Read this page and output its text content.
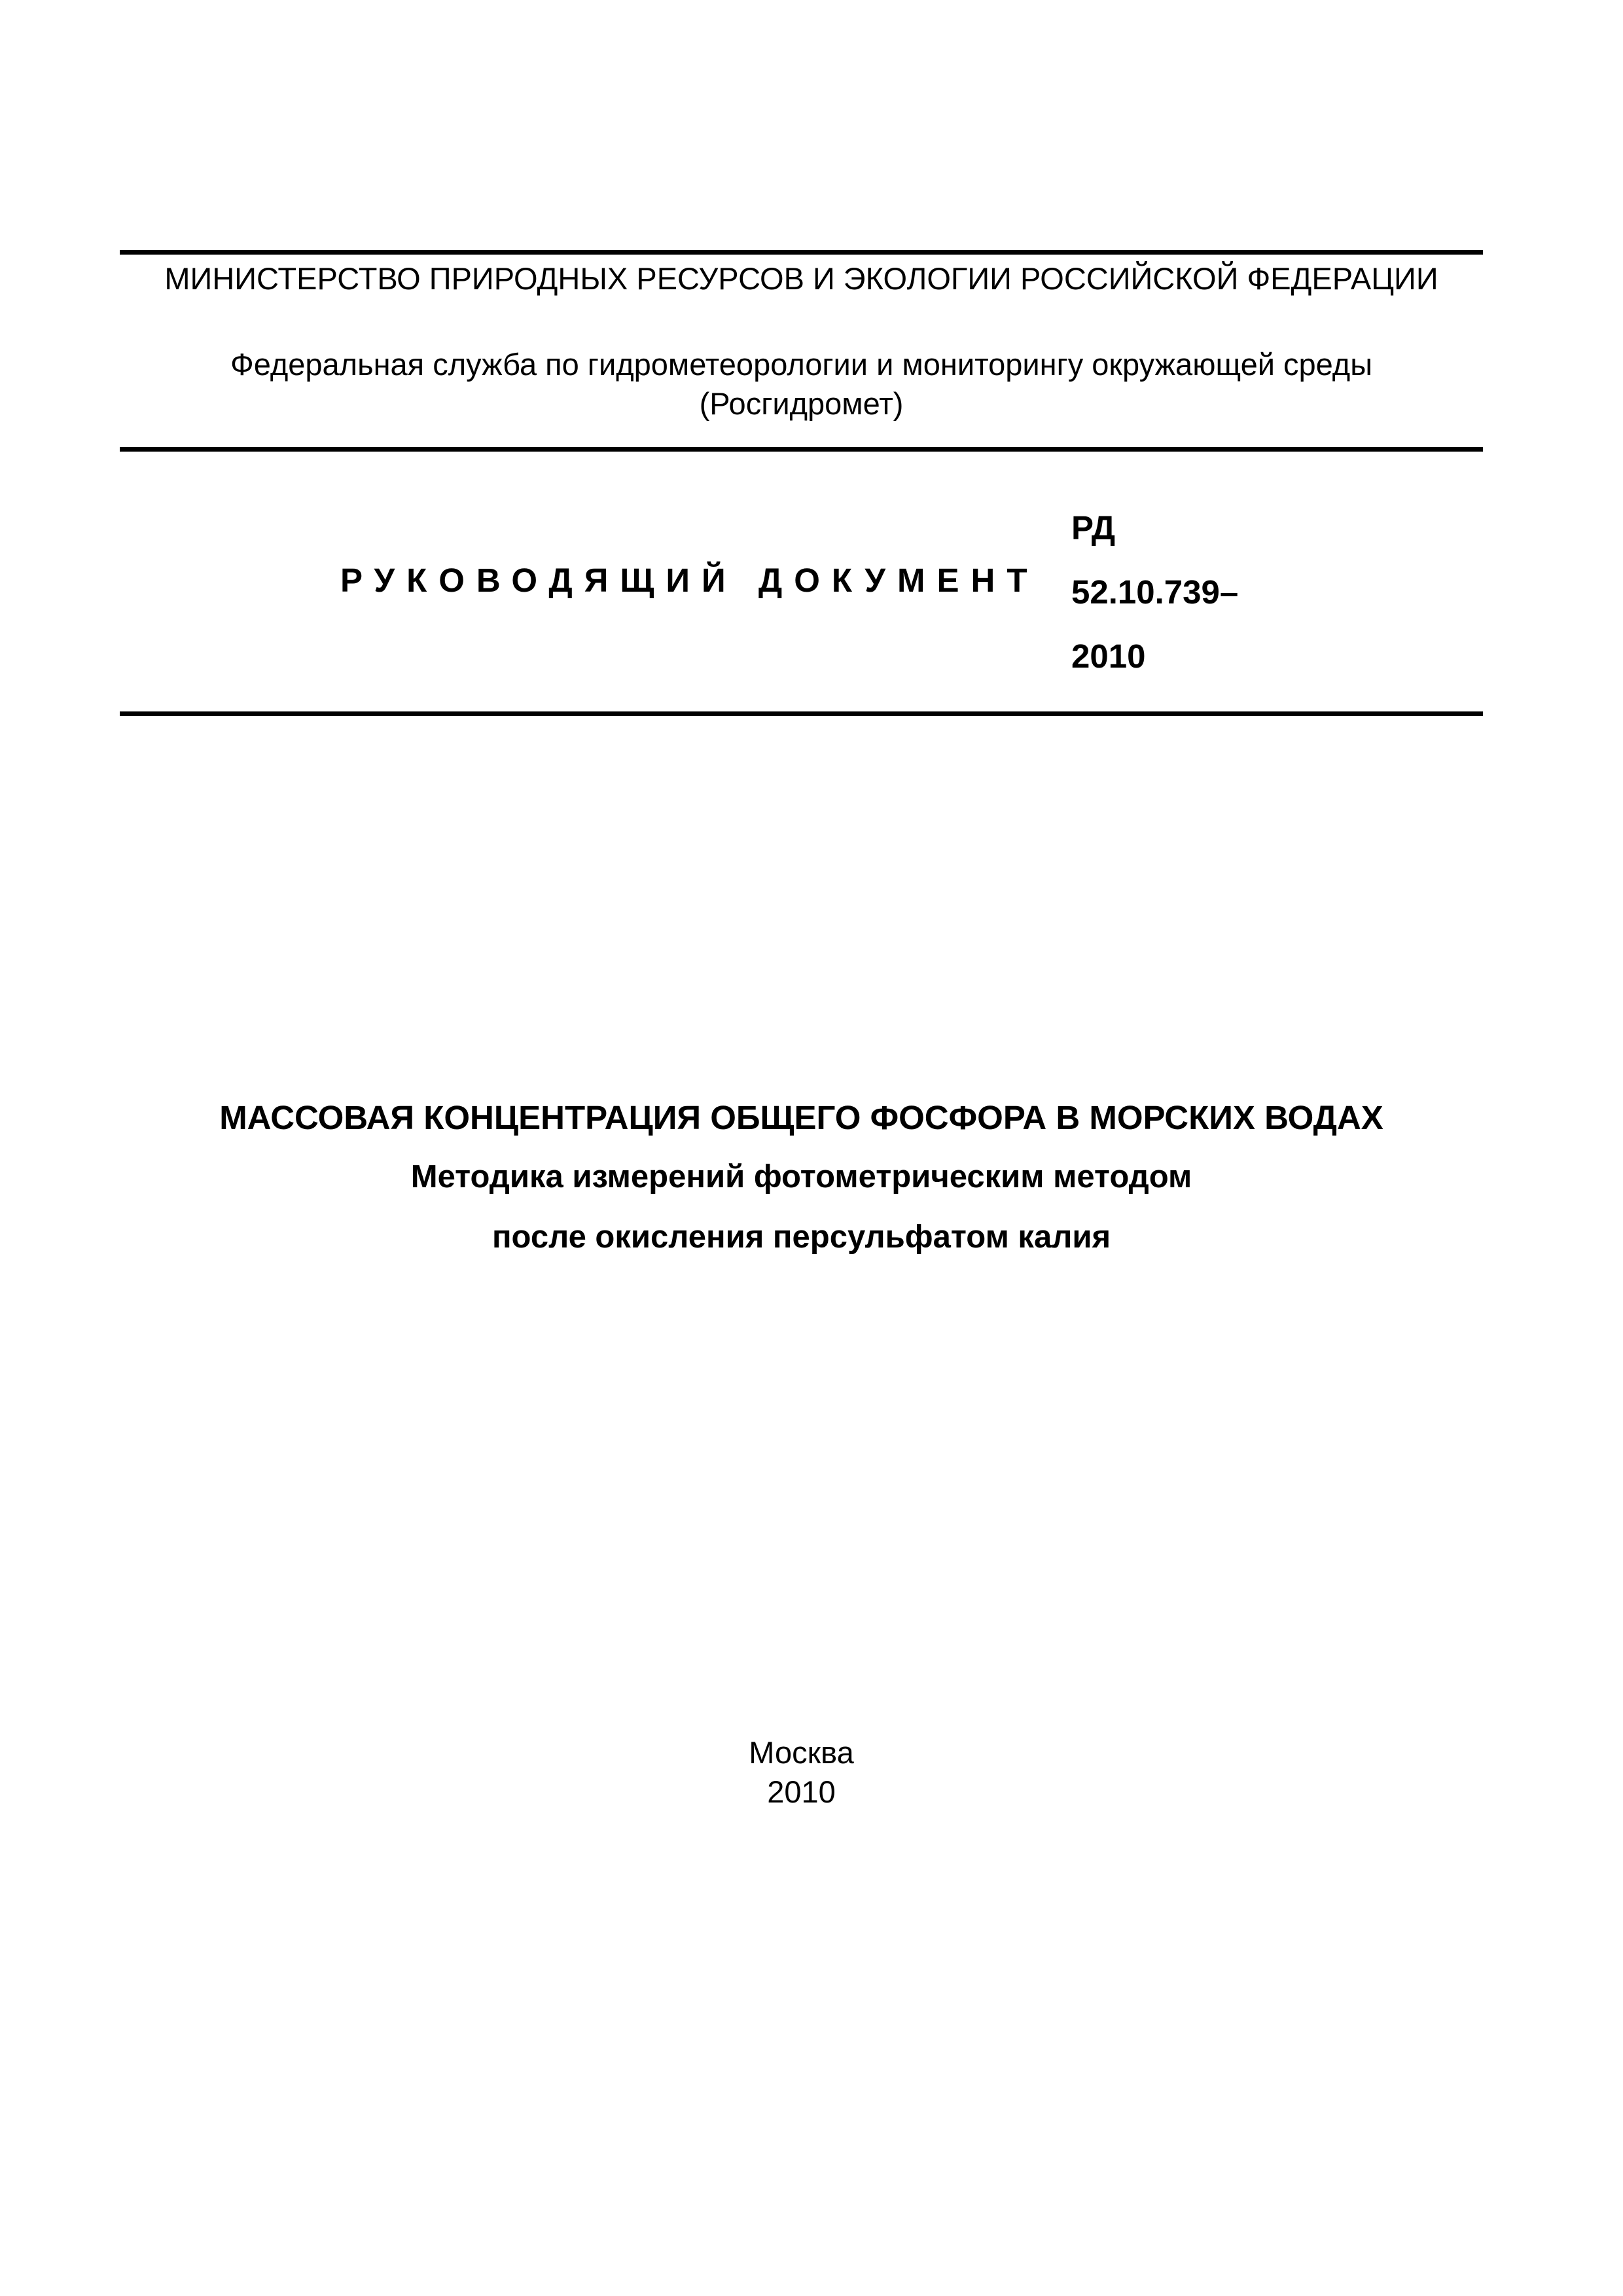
МИНИСТЕРСТВО ПРИРОДНЫХ РЕСУРСОВ И ЭКОЛОГИИ РОССИЙСКОЙ ФЕДЕРАЦИИ
Федеральная служба по гидрометеорологии и мониторингу окружающей среды
(Росгидромет)
РУКОВОДЯЩИЙ ДОКУМЕНТ
РД
52.10.739–
2010
МАССОВАЯ КОНЦЕНТРАЦИЯ ОБЩЕГО ФОСФОРА В МОРСКИХ ВОДАХ
Методика измерений фотометрическим методом
после окисления персульфатом калия
Москва
2010
